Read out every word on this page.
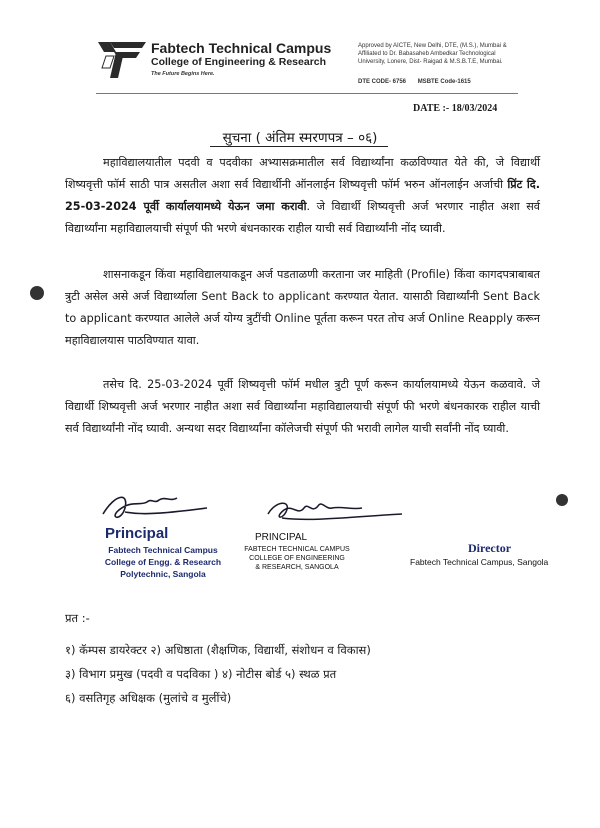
Fabtech Technical Campus
College of Engineering & Research
The Future Begins Here.
Approved by AICTE, New Delhi, DTE, (M.S.), Mumbai & Affiliated to Dr. Babasaheb Ambedkar Technological University, Lonere, Dist- Raigad & M.S.B.T.E, Mumbai.
DTE CODE- 6756 MSBTE Code-1615
DATE :- 18/03/2024
सुचना ( अंतिम स्मरणपत्र – ०६)
महाविद्यालयातील पदवी व पदवीका अभ्यासक्रमातील सर्व विद्यार्थ्यांना कळविण्यात येते की, जे विद्यार्थी शिष्यवृत्ती फॉर्म साठी पात्र असतील अशा सर्व विद्यार्थीनी ऑनलाईन शिष्यवृत्ती फॉर्म भरुन ऑनलाईन अर्जाची प्रिंट दि. 25-03-2024 पूर्वी कार्यालयामध्ये येऊन जमा करावी. जे विद्यार्थी शिष्यवृत्ती अर्ज भरणार नाहीत अशा सर्व विद्यार्थ्यांना महाविद्यालयाची संपूर्ण फी भरणे बंधनकारक राहील याची सर्व विद्यार्थ्यांनी नोंद घ्यावी.
शासनाकडून किंवा महाविद्यालयाकडून अर्ज पडताळणी करताना जर माहिती (Profile) किंवा कागदपत्राबाबत त्रुटी असेल असे अर्ज विद्यार्थ्याला Sent Back to applicant करण्यात येतात. यासाठी विद्यार्थ्यांनी Sent Back to applicant करण्यात आलेले अर्ज योग्य त्रुटींची Online पूर्तता करून परत तोच अर्ज Online Reapply करून महाविद्यालयास पाठविण्यात यावा.
तसेच दि. 25-03-2024 पूर्वी शिष्यवृत्ती फॉर्म मधील त्रुटी पूर्ण करून कार्यालयामध्ये येऊन कळवावे. जे विद्यार्थी शिष्यवृत्ती अर्ज भरणार नाहीत अशा सर्व विद्यार्थ्यांना महाविद्यालयाची संपूर्ण फी भरणे बंधनकारक राहील याची सर्व विद्यार्थ्यांनी नोंद घ्यावी. अन्यथा सदर विद्यार्थ्यांना कॉलेजची संपूर्ण फी भरावी लागेल याची सर्वांनी नोंद घ्यावी.
Principal
Fabtech Technical Campus
College of Engg. & Research
Polytechnic, Sangola
PRINCIPAL
FABTECH TECHNICAL CAMPUS
COLLEGE OF ENGINEERING
& RESEARCH, SANGOLA
Director
Fabtech Technical Campus, Sangola
प्रत :-
१) कॅम्पस डायरेक्टर २) अधिष्ठाता (शैक्षणिक, विद्यार्थी, संशोधन व विकास)
३) विभाग प्रमुख (पदवी व पदविका ) ४) नोटीस बोर्ड ५) स्थळ प्रत
६) वसतिगृह अधिक्षक (मुलांचे व मुलींचे)
